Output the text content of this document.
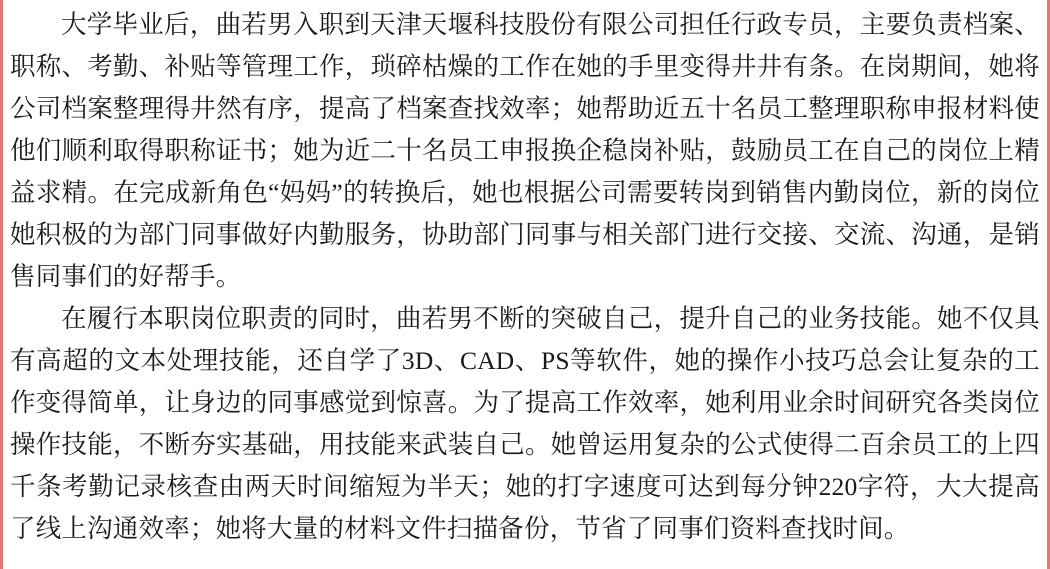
大学毕业后，曲若男入职到天津天堰科技股份有限公司担任行政专员，主要负责档案、职称、考勤、补贴等管理工作，琐碎枯燥的工作在她的手里变得井井有条。在岗期间，她将公司档案整理得井然有序，提高了档案查找效率；她帮助近五十名员工整理职称申报材料使他们顺利取得职称证书；她为近二十名员工申报换企稳岗补贴，鼓励员工在自己的岗位上精益求精。在完成新角色“妈妈”的转换后，她也根据公司需要转岗到销售内勤岗位，新的岗位她积极的为部门同事做好内勤服务，协助部门同事与相关部门进行交接、交流、沟通，是销售同事们的好帮手。

在履行本职岗位职责的同时，曲若男不断的突破自己，提升自己的业务技能。她不仅具有高超的文本处理技能，还自学了3D、CAD、PS等软件，她的操作小技巧总会让复杂的工作变得简单，让身边的同事感觉到惊喜。为了提高工作效率，她利用业余时间研究各类岗位操作技能，不断夯实基础，用技能来武装自己。她曾运用复杂的公式使得二百余员工的上四千条考勤记录核查由两天时间缩短为半天；她的打字速度可达到每分钟220字符，大大提高了线上沟通效率；她将大量的材料文件扫描备份，节省了同事们资料查找时间。
